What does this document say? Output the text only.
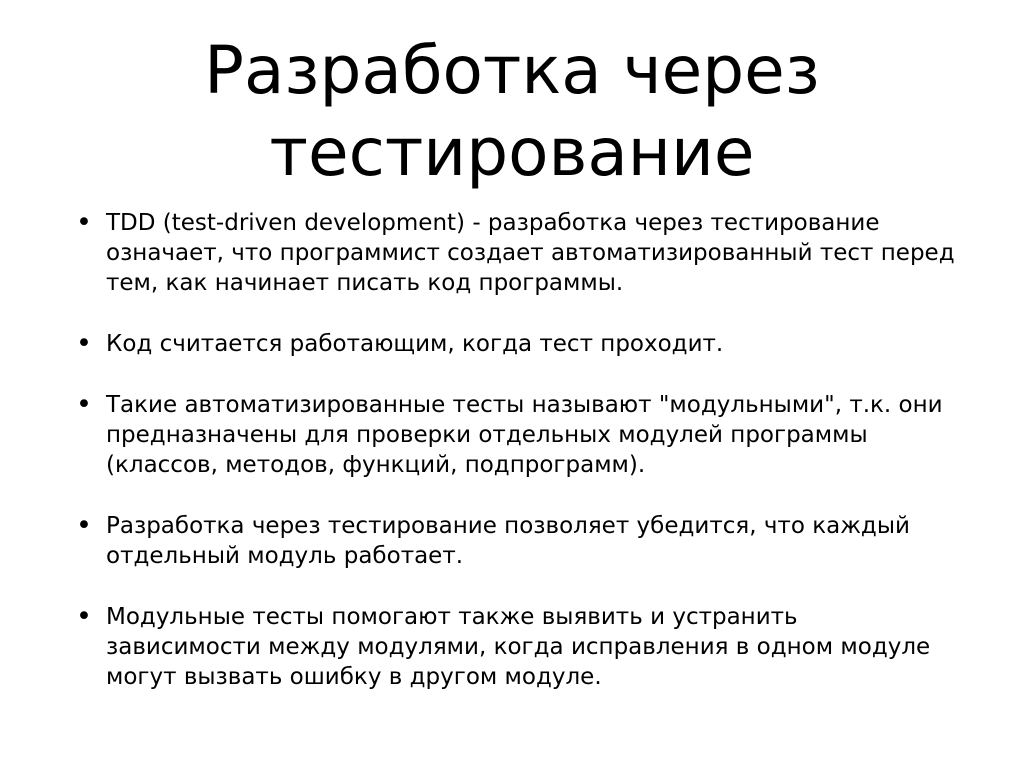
Разработка через тестирование
• TDD (test-driven development) - разработка через тестирование означает, что программист создает автоматизированный тест перед тем, как начинает писать код программы.
• Код считается работающим, когда тест проходит.
• Такие автоматизированные тесты называют "модульными", т.к. они предназначены для проверки отдельных модулей программы (классов, методов, функций, подпрограмм).
• Разработка через тестирование позволяет убедится, что каждый отдельный модуль работает.
• Модульные тесты помогают также выявить и устранить зависимости между модулями, когда исправления в одном модуле могут вызвать ошибку в другом модуле.
